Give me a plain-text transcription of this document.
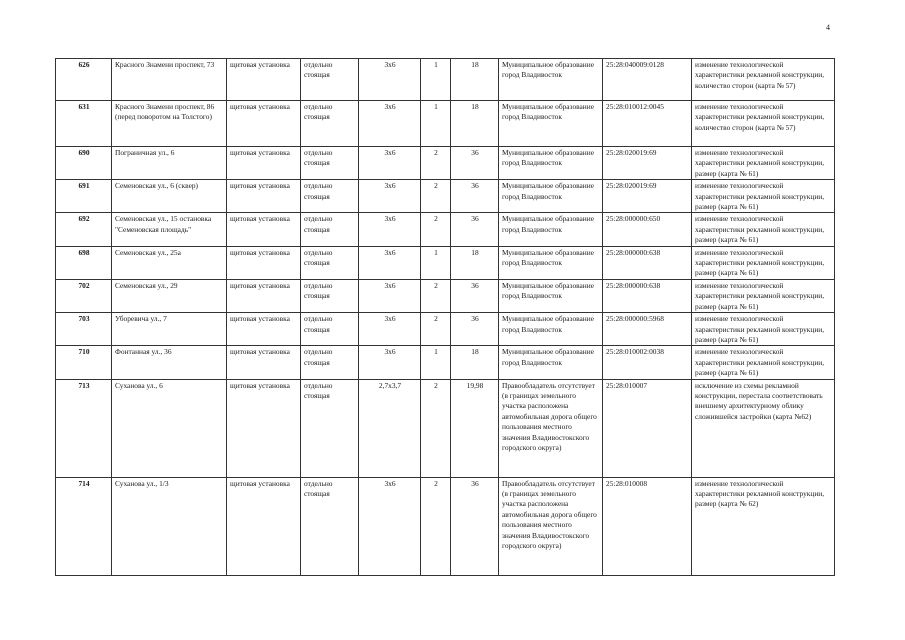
4
626	Красного Знамени проспект, 73	щитовая установка	отдельно стоящая	3х6	1	18	Муниципальное образование город Владивосток	25:28:040009:0128	изменение технологической характеристики рекламной конструкции, количество сторон (карта № 57)
631	Красного Знамени проспект, 86 (перед поворотом на Толстого)	щитовая установка	отдельно стоящая	3х6	1	18	Муниципальное образование город Владивосток	25:28:010012:0045	изменение технологической характеристики рекламной конструкции, количество сторон (карта № 57)
690	Пограничная ул., 6	щитовая установка	отдельно стоящая	3х6	2	36	Муниципальное образование город Владивосток	25:28:020019:69	изменение технологической характеристики рекламной конструкции, размер (карта № 61)
691	Семеновская ул., 6 (сквер)	щитовая установка	отдельно стоящая	3х6	2	36	Муниципальное образование город Владивосток	25:28:020019:69	изменение технологической характеристики рекламной конструкции, размер (карта № 61)
692	Семеновская ул., 15 остановка "Семеновская площадь"	щитовая установка	отдельно стоящая	3х6	2	36	Муниципальное образование город Владивосток	25:28:000000:650	изменение технологической характеристики рекламной конструкции, размер (карта № 61)
698	Семеновская ул., 25а	щитовая установка	отдельно стоящая	3х6	1	18	Муниципальное образование город Владивосток	25:28:000000:638	изменение технологической характеристики рекламной конструкции, размер (карта № 61)
702	Семеновская ул., 29	щитовая установка	отдельно стоящая	3х6	2	36	Муниципальное образование город Владивосток	25:28:000000:638	изменение технологической характеристики рекламной конструкции, размер (карта № 61)
703	Уборевича ул., 7	щитовая установка	отдельно стоящая	3х6	2	36	Муниципальное образование город Владивосток	25:28:000000:5968	изменение технологической характеристики рекламной конструкции, размер (карта № 61)
710	Фонтанная ул., 36	щитовая установка	отдельно стоящая	3х6	1	18	Муниципальное образование город Владивосток	25:28:010002:0038	изменение технологической характеристики рекламной конструкции, размер (карта № 61)
713	Суханова ул., 6	щитовая установка	отдельно стоящая	2,7х3,7	2	19,98	Правообладатель отсутствует (в границах земельного участка расположена автомобильная дорога общего пользования местного значения Владивостокского городского округа)	25:28:010007	исключение из схемы рекламной конструкции, перестала соответствовать внешнему архитектурному облику сложившейся застройки (карта №62)
714	Суханова ул., 1/3	щитовая установка	отдельно стоящая	3х6	2	36	Правообладатель отсутствует (в границах земельного участка расположена автомобильная дорога общего пользования местного значения Владивостокского городского округа)	25:28:010008	изменение технологической характеристики рекламной конструкции, размер (карта № 62)
